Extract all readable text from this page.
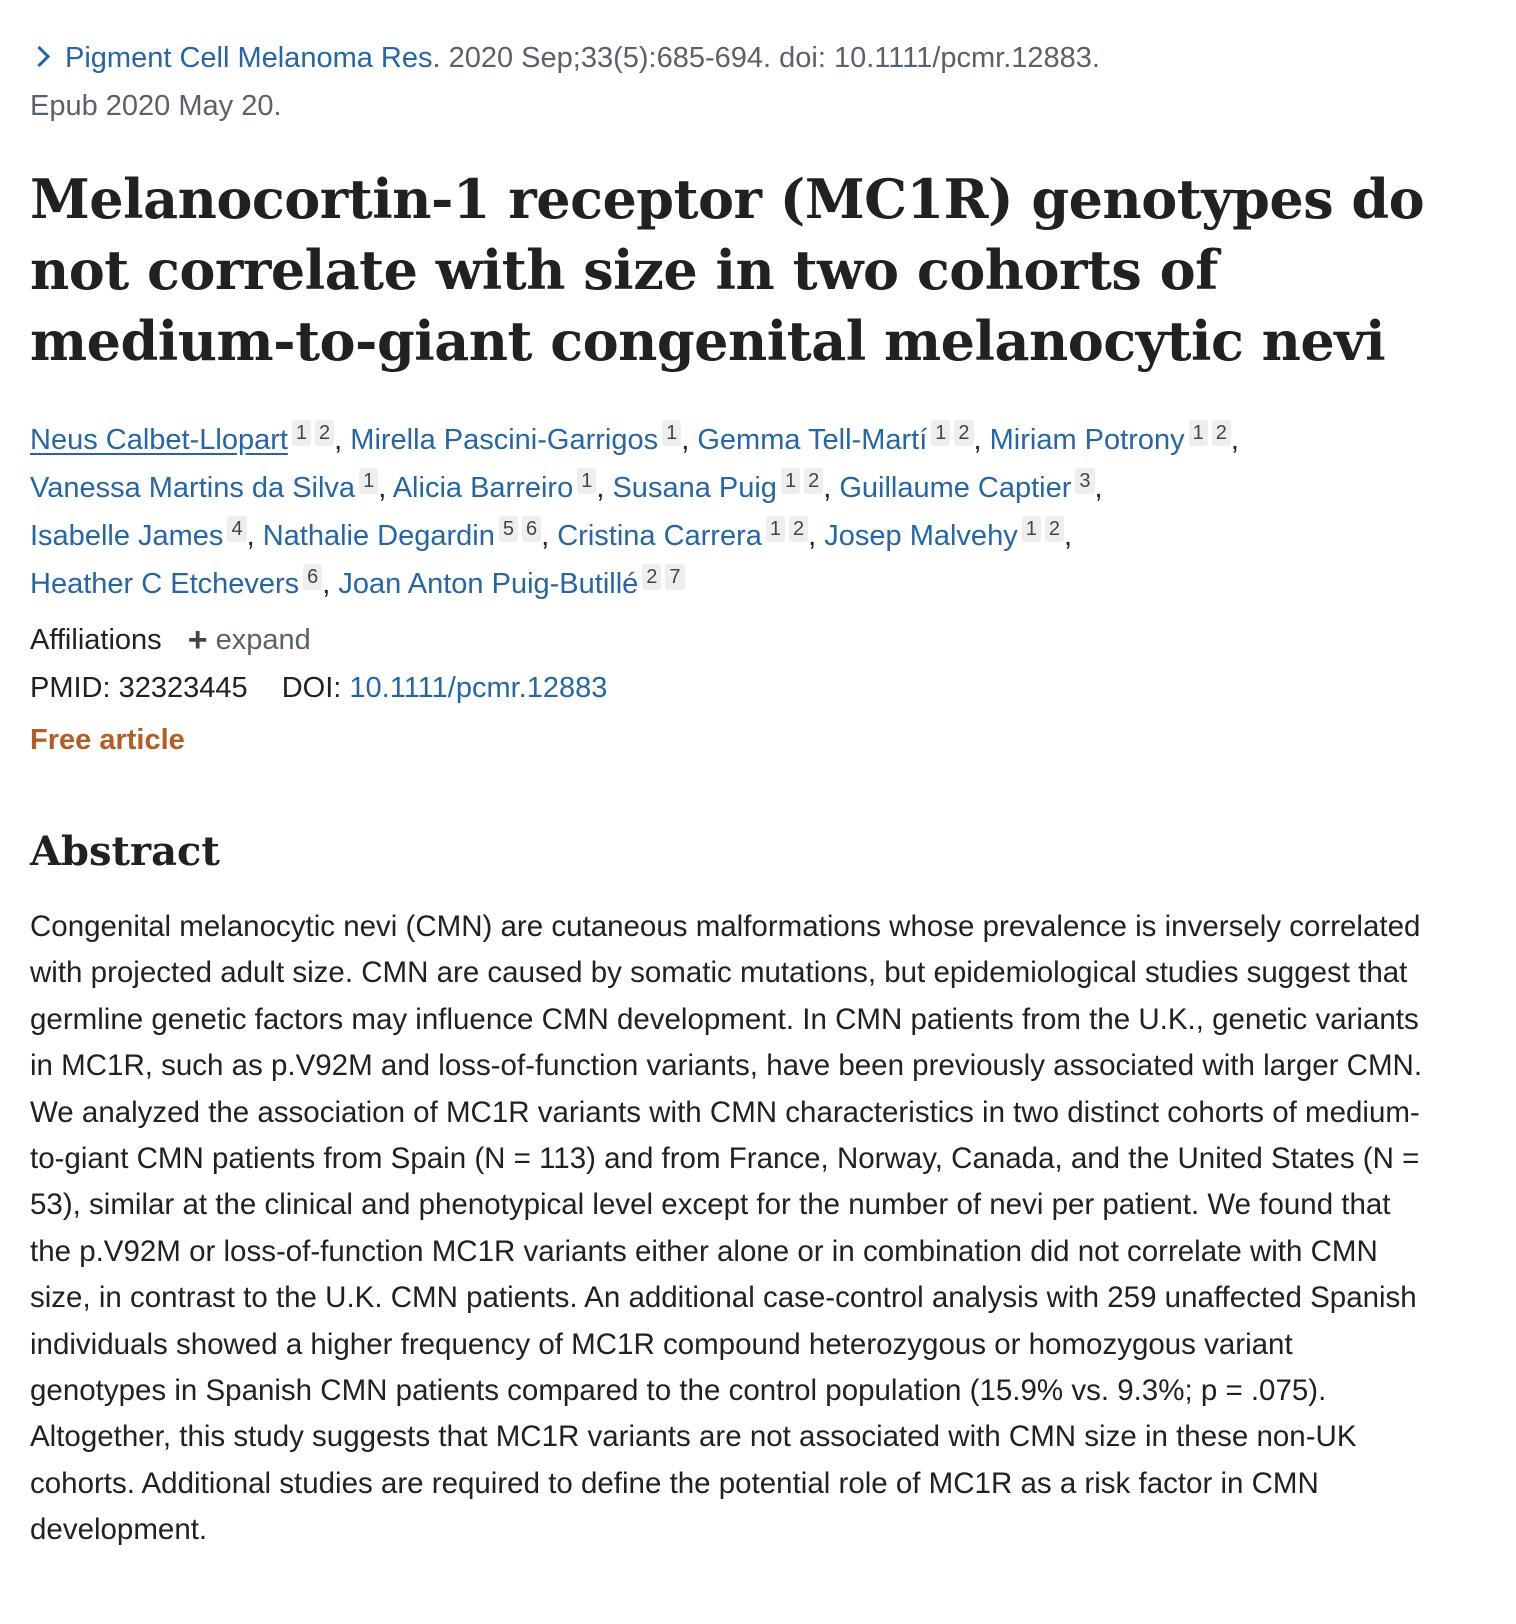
Pigment Cell Melanoma Res. 2020 Sep;33(5):685-694. doi: 10.1111/pcmr.12883.
Epub 2020 May 20.
Melanocortin-1 receptor (MC1R) genotypes do not correlate with size in two cohorts of medium-to-giant congenital melanocytic nevi
Neus Calbet-Llopart 1 2 , Mirella Pascini-Garrigos 1 , Gemma Tell-Martí 1 2 , Miriam Potrony 1 2 ,
Vanessa Martins da Silva 1 , Alicia Barreiro 1 , Susana Puig 1 2 , Guillaume Captier 3 ,
Isabelle James 4 , Nathalie Degardin 5 6 , Cristina Carrera 1 2 , Josep Malvehy 1 2 ,
Heather C Etchevers 6 , Joan Anton Puig-Butillé 2 7
Affiliations + expand
PMID: 32323445 DOI: 10.1111/pcmr.12883
Free article
Abstract

Congenital melanocytic nevi (CMN) are cutaneous malformations whose prevalence is inversely correlated with projected adult size. CMN are caused by somatic mutations, but epidemiological studies suggest that germline genetic factors may influence CMN development. In CMN patients from the U.K., genetic variants in MC1R, such as p.V92M and loss-of-function variants, have been previously associated with larger CMN. We analyzed the association of MC1R variants with CMN characteristics in two distinct cohorts of medium-to-giant CMN patients from Spain (N = 113) and from France, Norway, Canada, and the United States (N = 53), similar at the clinical and phenotypical level except for the number of nevi per patient. We found that the p.V92M or loss-of-function MC1R variants either alone or in combination did not correlate with CMN size, in contrast to the U.K. CMN patients. An additional case-control analysis with 259 unaffected Spanish individuals showed a higher frequency of MC1R compound heterozygous or homozygous variant genotypes in Spanish CMN patients compared to the control population (15.9% vs. 9.3%; p = .075). Altogether, this study suggests that MC1R variants are not associated with CMN size in these non-UK cohorts. Additional studies are required to define the potential role of MC1R as a risk factor in CMN development.
